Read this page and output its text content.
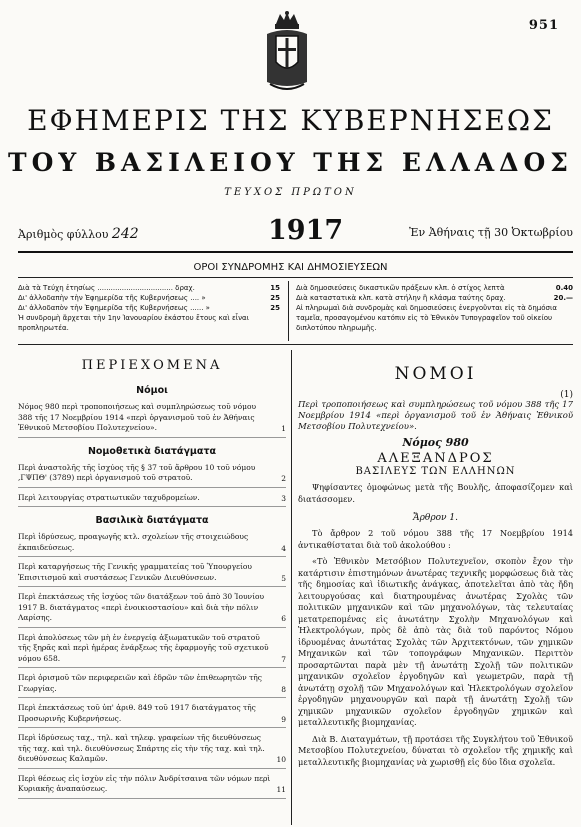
951
ΕΦΗΜΕΡΙΣ ΤΗΣ ΚΥΒΕΡΝΗΣΕΩΣ
ΤΟΥ ΒΑΣΙΛΕΙΟΥ ΤΗΣ ΕΛΛΑΔΟΣ
ΤΕΥΧΟΣ ΠΡΩΤΟΝ
Ἀριθμὸς φύλλου 242	1917	Ἐν Ἀθήναις τῇ 30 Ὀκτωβρίου
ΟΡΟΙ ΣΥΝΔΡΟΜΗΣ ΚΑΙ ΔΗΜΟΣΙΕΥΣΕΩΝ
Διὰ τὰ Τεύχη ἐτησίως .................................. δραχ.	15
Δι' ἀλλοδαπὴν τὴν Ἐφημερίδα τῆς Κυβερνήσεως .... »	25
Δι' ἀλλοδαπὸν τὴν Ἐφημερίδα τῆς Κυβερνήσεως ...... »	25
Ἡ συνδρομὴ ἄρχεται τὴν 1ην Ἰανουαρίου ἑκάστου ἔτους καὶ εἶναι προπληρωτέα.
Διὰ δημοσιεύσεις δικαστικῶν πράξεων κλπ. ὁ στίχος λεπτὰ	0.40
Διὰ καταστατικὰ κλπ. κατὰ στήλην ἢ κλάσμα ταύτης δραχ.	20.—
Αἱ πληρωμαὶ διὰ συνδρομὰς καὶ δημοσιεύσεις ἐνεργοῦνται εἰς τὰ δημόσια ταμεῖα, προσαγομένου κατόπιν εἰς τὸ Ἐθνικὸν Τυπογραφεῖον τοῦ οἰκείου διπλοτύπου πληρωμῆς.
ΠΕΡΙΕΧΟΜΕΝΑ
Νόμοι
Νόμος 980 περὶ τροποποιήσεως καὶ συμπληρώσεως τοῦ νόμου 388 τῆς 17 Νοεμβρίου 1914 «περὶ ὀργανισμοῦ τοῦ ἐν Ἀθήναις Ἐθνικοῦ Μετσοβίου Πολυτεχνείου».	1
Νομοθετικὰ διατάγματα
Περὶ ἀναστολῆς τῆς ἰσχύος τῆς § 37 τοῦ ἄρθρου 10 τοῦ νόμου ,ΓΨΠΘ' (3789) περὶ ὀργανισμοῦ τοῦ στρατοῦ.	2
Περὶ λειτουργίας στρατιωτικῶν ταχυδρομείων.	3
Βασιλικὰ διατάγματα
Περὶ ἱδρύσεως, προαγωγῆς κτλ. σχολείων τῆς στοιχειώδους ἐκπαιδεύσεως.	4
Περὶ καταργήσεως τῆς Γενικῆς γραμματείας τοῦ Ὑπουργείου Ἐπισιτισμοῦ καὶ συστάσεως Γενικῶν Διευθύνσεων.	5
Περὶ ἐπεκτάσεως τῆς ἰσχύος τῶν διατάξεων τοῦ ἀπὸ 30 Ἰουνίου 1917 Β. διατάγματος «περὶ ἐνοικιοστασίου» καὶ διὰ τὴν πόλιν Λαρίσης.	6
Περὶ ἀπολύσεως τῶν μὴ ἐν ἐνεργείᾳ ἀξιωματικῶν τοῦ στρατοῦ τῆς ξηρᾶς καὶ περὶ ἡμέρας ἐνάρξεως τῆς ἐφαρμογῆς τοῦ σχετικοῦ νόμου 658.	7
Περὶ ὁρισμοῦ τῶν περιφερειῶν καὶ ἑδρῶν τῶν ἐπιθεωρητῶν τῆς Γεωργίας.	8
Περὶ ἐπεκτάσεως τοῦ ὑπ' ἀριθ. 849 τοῦ 1917 διατάγματος τῆς Προσωρινῆς Κυβερνήσεως.	9
Περὶ ἱδρύσεως ταχ., τηλ. καὶ τηλεφ. γραφείων τῆς διευθύνσεως τῆς ταχ. καὶ τηλ. διευθύνσεως Σπάρτης εἰς τὴν τῆς ταχ. καὶ τηλ. διευθύνσεως Καλαμῶν.	10
Περὶ θέσεως εἰς ἰσχὺν εἰς τὴν πόλιν Ἀνδρίτσαινα τῶν νόμων περὶ Κυριακῆς ἀναπαύσεως.	11
ΝΟΜΟΙ
(1)
Περὶ τροποποιήσεως καὶ συμπληρώσεως τοῦ νόμου 388 τῆς 17 Νοεμβρίου 1914 «περὶ ὀργανισμοῦ τοῦ ἐν Ἀθήναις Ἐθνικοῦ Μετσοβίου Πολυτεχνείου».
Νόμος 980
ΑΛΕΞΑΝΔΡΟΣ
ΒΑΣΙΛΕΥΣ ΤΩΝ ΕΛΛΗΝΩΝ
Ψηφίσαντες ὁμοφώνως μετὰ τῆς Βουλῆς, ἀποφασίζομεν καὶ διατάσσομεν.
Ἄρθρον 1.
Τὸ ἄρθρον 2 τοῦ νόμου 388 τῆς 17 Νοεμβρίου 1914 ἀντικαθίσταται διὰ τοῦ ἀκολούθου :
«Τὸ Ἐθνικὸν Μετσόβιον Πολυτεχνεῖον, σκοπὸν ἔχον τὴν κατάρτισιν ἐπιστημόνων ἀνωτέρας τεχνικῆς μορφώσεως διὰ τὰς τῆς δημοσίας καὶ ἰδιωτικῆς ἀνάγκας, ἀποτελεῖται ἀπὸ τὰς ἤδη λειτουργούσας καὶ διατηρουμένας ἀνωτέρας Σχολὰς τῶν πολιτικῶν μηχανικῶν καὶ τῶν μηχανολόγων, τὰς τελευταίας μετατρεπομένας εἰς ἀνωτάτην Σχολὴν Μηχανολόγων καὶ Ἠλεκτρολόγων, πρὸς δὲ ἀπὸ τὰς διὰ τοῦ παρόντος Νόμου ἱδρυομένας ἀνωτάτας Σχολὰς τῶν Ἀρχιτεκτόνων, τῶν χημικῶν Μηχανικῶν καὶ τῶν τοπογράφων Μηχανικῶν. Περιττὸν προσαρτῶνται παρὰ μὲν τῇ ἀνωτάτῃ Σχολῇ τῶν πολιτικῶν μηχανικῶν σχολεῖον ἐργοδηγῶν καὶ γεωμετρῶν, παρὰ τῇ ἀνωτάτῃ σχολῇ τῶν Μηχανολόγων καὶ Ἠλεκτρολόγων σχολεῖον ἐργοδηγῶν μηχανουργῶν καὶ παρὰ τῇ ἀνωτάτῃ Σχολῇ τῶν χημικῶν μηχανικῶν σχολεῖον ἐργοδηγῶν χημικῶν καὶ μεταλλευτικῆς βιομηχανίας.
Διὰ Β. Διαταγμάτων, τῇ προτάσει τῆς Συγκλήτου τοῦ Ἐθνικοῦ Μετσοβίου Πολυτεχνείου, δύναται τὸ σχολεῖον τῆς χημικῆς καὶ μεταλλευτικῆς βιομηχανίας νὰ χωρισθῇ εἰς δύο ἴδια σχολεῖα.
